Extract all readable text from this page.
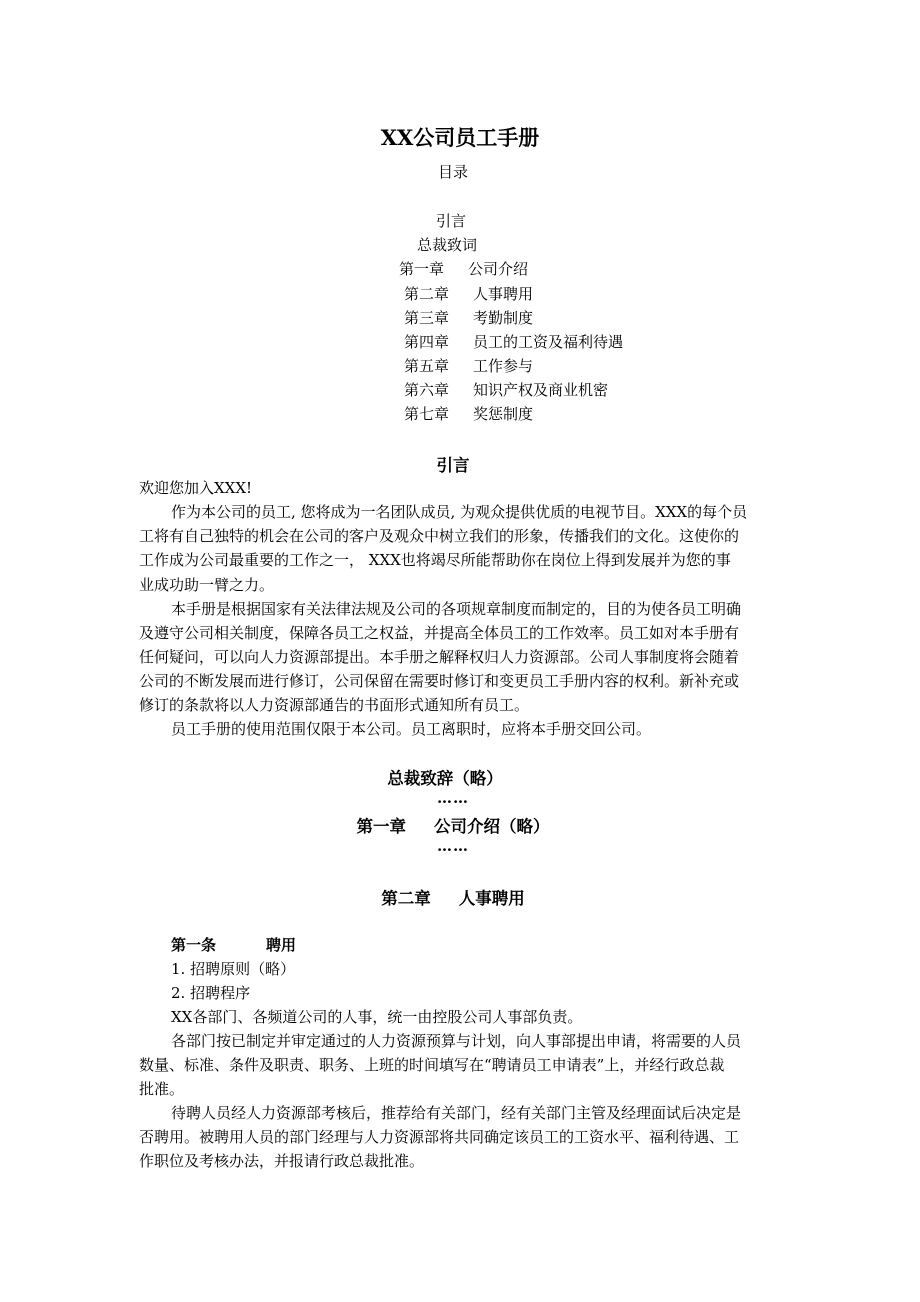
XX公司员工手册
目录
引言
总裁致词
第一章 公司介绍
第二章 人事聘用
第三章 考勤制度
第四章 员工的工资及福利待遇
第五章 工作参与
第六章 知识产权及商业机密
第七章 奖惩制度
引言
欢迎您加入XXX!
作为本公司的员工, 您将成为一名团队成员, 为观众提供优质的电视节目。XXX的每个员
工将有自己独特的机会在公司的客户及观众中树立我们的形象，传播我们的文化。这使你的
工作成为公司最重要的工作之一， XXX也将竭尽所能帮助你在岗位上得到发展并为您的事
业成功助一臂之力。
本手册是根据国家有关法律法规及公司的各项规章制度而制定的，目的为使各员工明确
及遵守公司相关制度，保障各员工之权益，并提高全体员工的工作效率。员工如对本手册有
任何疑问，可以向人力资源部提出。本手册之解释权归人力资源部。公司人事制度将会随着
公司的不断发展而进行修订，公司保留在需要时修订和变更员工手册内容的权利。新补充或
修订的条款将以人力资源部通告的书面形式通知所有员工。
员工手册的使用范围仅限于本公司。员工离职时，应将本手册交回公司。
总裁致辞（略）
……
第一章 公司介绍（略）
……
第二章 人事聘用
第一条	聘用
1. 招聘原则（略）
2. 招聘程序
XX各部门、各频道公司的人事，统一由控股公司人事部负责。
各部门按已制定并审定通过的人力资源预算与计划，向人事部提出申请，将需要的人员
数量、标准、条件及职责、职务、上班的时间填写在“聘请员工申请表”上，并经行政总裁
批准。
待聘人员经人力资源部考核后，推荐给有关部门，经有关部门主管及经理面试后决定是
否聘用。被聘用人员的部门经理与人力资源部将共同确定该员工的工资水平、福利待遇、工
作职位及考核办法，并报请行政总裁批准。
